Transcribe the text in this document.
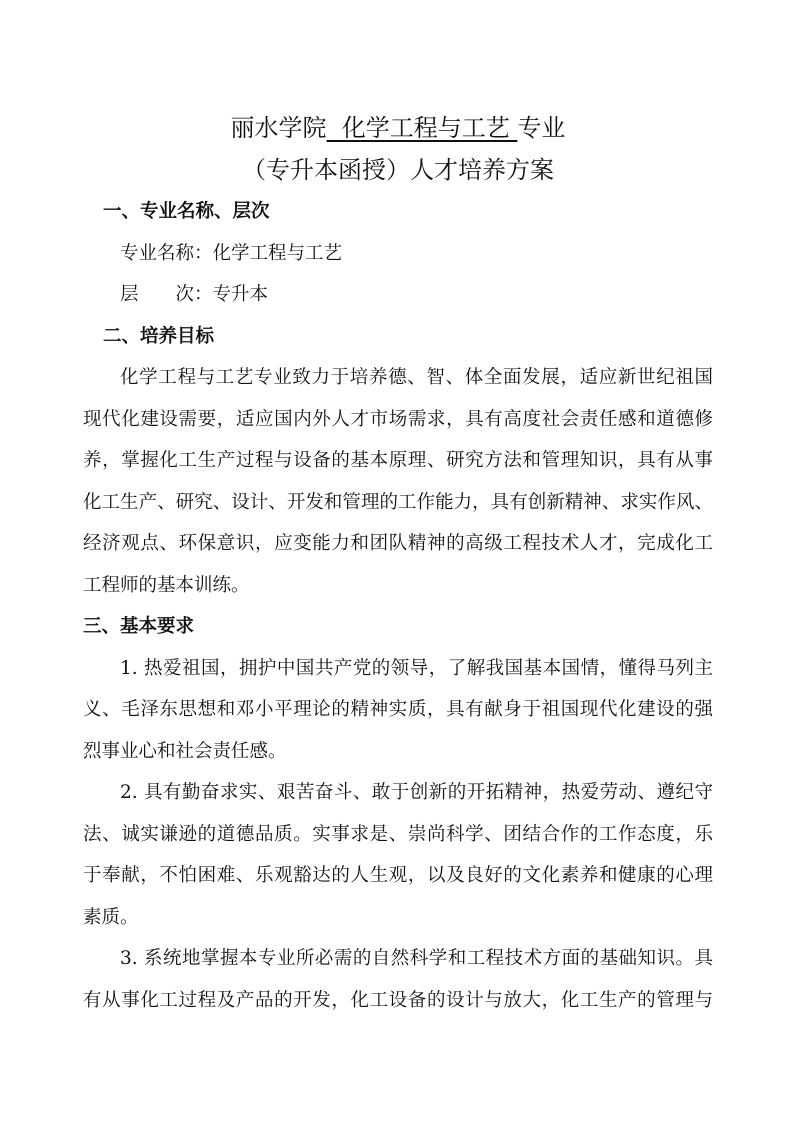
丽水学院  化学工程与工艺 专业
（专升本函授）人才培养方案
一、专业名称、层次
专业名称：化学工程与工艺
层　　次：专升本
二、培养目标
化学工程与工艺专业致力于培养德、智、体全面发展，适应新世纪祖国
现代化建设需要，适应国内外人才市场需求，具有高度社会责任感和道德修
养，掌握化工生产过程与设备的基本原理、研究方法和管理知识，具有从事
化工生产、研究、设计、开发和管理的工作能力，具有创新精神、求实作风、
经济观点、环保意识，应变能力和团队精神的高级工程技术人才，完成化工
工程师的基本训练。
三、基本要求
1. 热爱祖国，拥护中国共产党的领导，了解我国基本国情，懂得马列主
义、毛泽东思想和邓小平理论的精神实质，具有献身于祖国现代化建设的强
烈事业心和社会责任感。
2. 具有勤奋求实、艰苦奋斗、敢于创新的开拓精神，热爱劳动、遵纪守
法、诚实谦逊的道德品质。实事求是、崇尚科学、团结合作的工作态度，乐
于奉献，不怕困难、乐观豁达的人生观，以及良好的文化素养和健康的心理
素质。
3. 系统地掌握本专业所必需的自然科学和工程技术方面的基础知识。具
有从事化工过程及产品的开发，化工设备的设计与放大，化工生产的管理与
